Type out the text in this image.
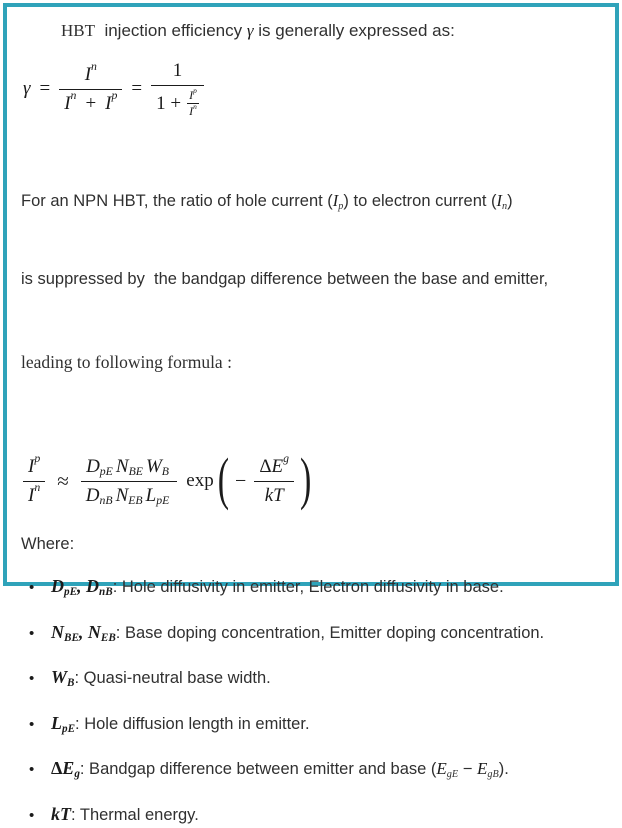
HBT  injection efficiency γ is generally expressed as:
$\gamma = \frac{\text{I n}}{\text{I n + I p}} = \frac{1}{1 + \frac{\text{I p}}{\text{I n}}}$

For an NPN HBT, the ratio of hole current (Ip) to electron current (In)

is suppressed by  the bandgap difference between the base and emitter,

leading to following formula :

$\frac{\text{I p}}{\text{I n}} \approx \frac{\text{DpE NBE WB}}{\text{DnB NEB LpE}}$ exp ( − $\frac{\text{Δ E g}}{kT}$ )
Where:
• DpE, DnB: Hole diffusivity in emitter, Electron diffusivity in base.
• NBE, NEB: Base doping concentration, Emitter doping concentration.
• WB: Quasi-neutral base width.
• LpE: Hole diffusion length in emitter.
• ΔEg: Bandgap difference between emitter and base (EgE − EgB).
• kT: Thermal energy.
